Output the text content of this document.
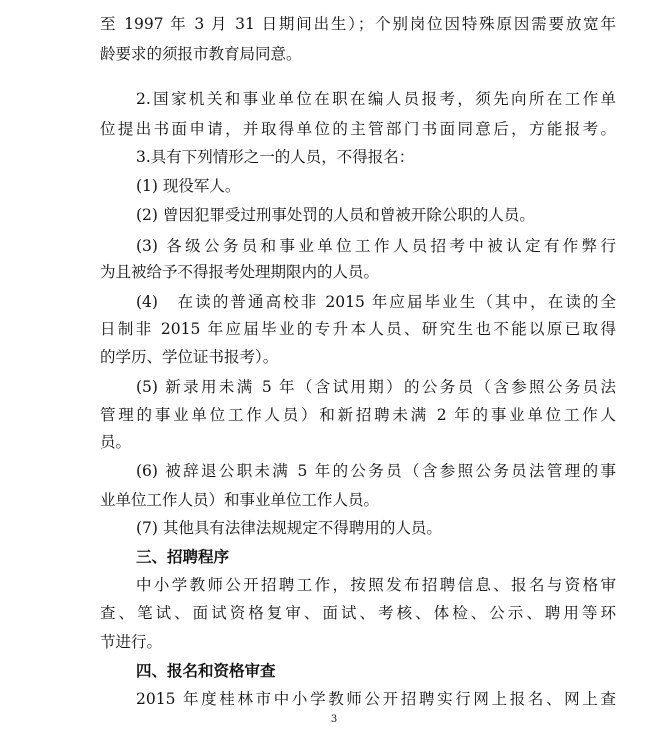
至 1997 年 3 月 31 日期间出生）；个别岗位因特殊原因需要放宽年
龄要求的须报市教育局同意。
2.国家机关和事业单位在职在编人员报考，须先向所在工作单
位提出书面申请，并取得单位的主管部门书面同意后，方能报考。
3.具有下列情形之一的人员，不得报名：
(1) 现役军人。
(2) 曾因犯罪受过刑事处罚的人员和曾被开除公职的人员。
(3) 各级公务员和事业单位工作人员招考中被认定有作弊行
为且被给予不得报考处理期限内的人员。
(4)　在读的普通高校非 2015 年应届毕业生（其中，在读的全
日制非 2015 年应届毕业的专升本人员、研究生也不能以原已取得
的学历、学位证书报考）。
(5) 新录用未满 5 年（含试用期）的公务员（含参照公务员法
管理的事业单位工作人员）和新招聘未满 2 年的事业单位工作人
员。
(6) 被辞退公职未满 5 年的公务员（含参照公务员法管理的事
业单位工作人员）和事业单位工作人员。
(7) 其他具有法律法规规定不得聘用的人员。
三、招聘程序
中小学教师公开招聘工作，按照发布招聘信息、报名与资格审
查、笔试、面试资格复审、面试、考核、体检、公示、聘用等环
节进行。
四、报名和资格审查
2015 年度桂林市中小学教师公开招聘实行网上报名、网上查
3
